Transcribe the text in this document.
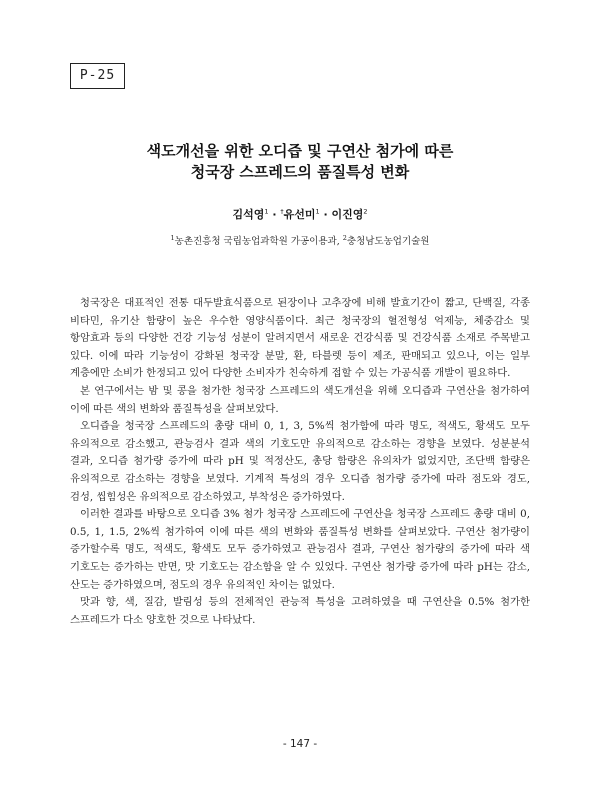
P-25
색도개선을 위한 오디즙 및 구연산 첨가에 따른
청국장 스프레드의 품질특성 변화
김석영$^1$ · †유선미$^1$ · 이진영$^2$
$^1$농촌진흥청 국립농업과학원 가공이용과, $^2$충청남도농업기술원

청국장은 대표적인 전통 대두발효식품으로 된장이나 고추장에 비해 발효기간이 짧고, 단백질, 각종 비타민, 유기산 함량이 높은 우수한 영양식품이다. 최근 청국장의 혈전형성 억제능, 체중감소 및 항암효과 등의 다양한 건강 기능성 성분이 알려지면서 새로운 건강식품 및 건강식품 소재로 주목받고 있다. 이에 따라 기능성이 강화된 청국장 분말, 환, 타블렛 등이 제조, 판매되고 있으나, 이는 일부 계층에만 소비가 한정되고 있어 다양한 소비자가 친숙하게 접할 수 있는 가공식품 개발이 필요하다.

본 연구에서는 밤 및 콩을 첨가한 청국장 스프레드의 색도개선을 위해 오디즙과 구연산을 첨가하여 이에 따른 색의 변화와 품질특성을 살펴보았다.

오디즙을 청국장 스프레드의 총량 대비 0, 1, 3, 5%씩 첨가함에 따라 명도, 적색도, 황색도 모두 유의적으로 감소했고, 관능검사 결과 색의 기호도만 유의적으로 감소하는 경향을 보였다. 성분분석 결과, 오디즙 첨가량 증가에 따라 pH 및 적정산도, 총당 함량은 유의차가 없었지만, 조단백 함량은 유의적으로 감소하는 경향을 보였다. 기계적 특성의 경우 오디즙 첨가량 증가에 따라 점도와 경도, 검성, 씹힘성은 유의적으로 감소하였고, 부착성은 증가하였다.

이러한 결과를 바탕으로 오디즙 3% 첨가 청국장 스프레드에 구연산을 청국장 스프레드 총량 대비 0, 0.5, 1, 1.5, 2%씩 첨가하여 이에 따른 색의 변화와 품질특성 변화를 살펴보았다. 구연산 첨가량이 증가할수록 명도, 적색도, 황색도 모두 증가하였고 관능검사 결과, 구연산 첨가량의 증가에 따라 색 기호도는 증가하는 반면, 맛 기호도는 감소함을 알 수 있었다. 구연산 첨가량 증가에 따라 pH는 감소, 산도는 증가하였으며, 점도의 경우 유의적인 차이는 없었다.

맛과 향, 색, 질감, 발림성 등의 전체적인 관능적 특성을 고려하였을 때 구연산을 0.5% 첨가한 스프레드가 다소 양호한 것으로 나타났다.

- 147 -
